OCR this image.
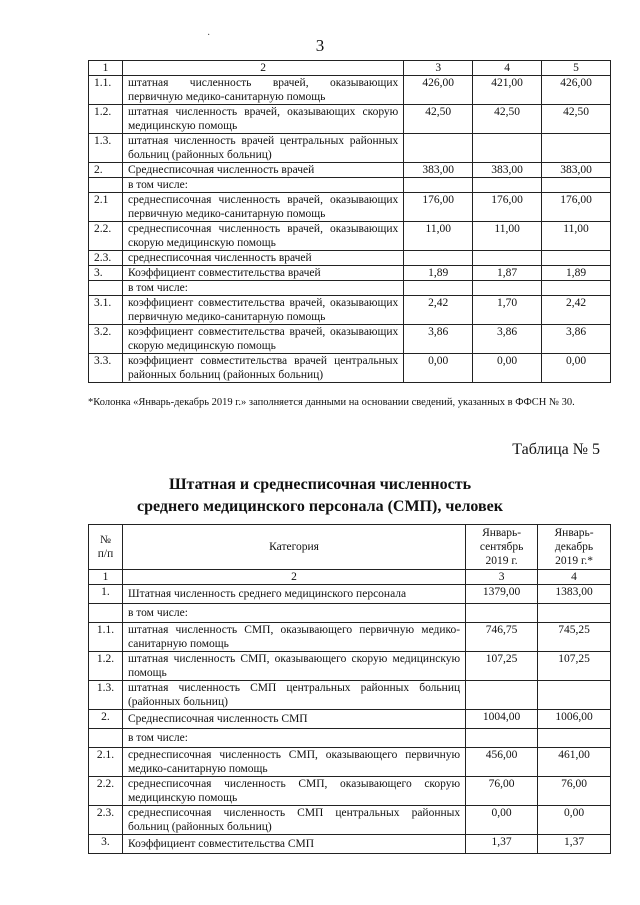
3
·
1	2	3	4	5
1.1.	штатная численность врачей, оказывающих первичную медико-санитарную помощь	426,00	421,00	426,00
1.2.	штатная численность врачей, оказывающих скорую медицинскую помощь	42,50	42,50	42,50
1.3.	штатная численность врачей центральных районных больниц (районных больниц)			
2.	Среднесписочная численность врачей	383,00	383,00	383,00
	в том числе:			
2.1	среднесписочная численность врачей, оказывающих первичную медико-санитарную помощь	176,00	176,00	176,00
2.2.	среднесписочная численность врачей, оказывающих скорую медицинскую помощь	11,00	11,00	11,00
2.3.	среднесписочная численность врачей			
3.	Коэффициент совместительства врачей	1,89	1,87	1,89
	в том числе:			
3.1.	коэффициент совместительства врачей, оказывающих первичную медико-санитарную помощь	2,42	1,70	2,42
3.2.	коэффициент совместительства врачей, оказывающих скорую медицинскую помощь	3,86	3,86	3,86
3.3.	коэффициент совместительства врачей центральных районных больниц (районных больниц)	0,00	0,00	0,00
*Колонка «Январь-декабрь 2019 г.» заполняется данными на основании сведений, указанных в ФФСН № 30.
Таблица № 5
Штатная и среднесписочная численность
среднего медицинского персонала (СМП), человек
№ п/п	Категория	Январь-сентябрь 2019 г.	Январь-декабрь 2019 г.*
1	2	3	4
1.	Штатная численность среднего медицинского персонала	1379,00	1383,00
	в том числе:		
1.1.	штатная численность СМП, оказывающего первичную медико-санитарную помощь	746,75	745,25
1.2.	штатная численность СМП, оказывающего скорую медицинскую помощь	107,25	107,25
1.3.	штатная численность СМП центральных районных больниц (районных больниц)		
2.	Среднесписочная численность СМП	1004,00	1006,00
	в том числе:		
2.1.	среднесписочная численность СМП, оказывающего первичную медико-санитарную помощь	456,00	461,00
2.2.	среднесписочная численность СМП, оказывающего скорую медицинскую помощь	76,00	76,00
2.3.	среднесписочная численность СМП центральных районных больниц (районных больниц)	0,00	0,00
3.	Коэффициент совместительства СМП	1,37	1,37
